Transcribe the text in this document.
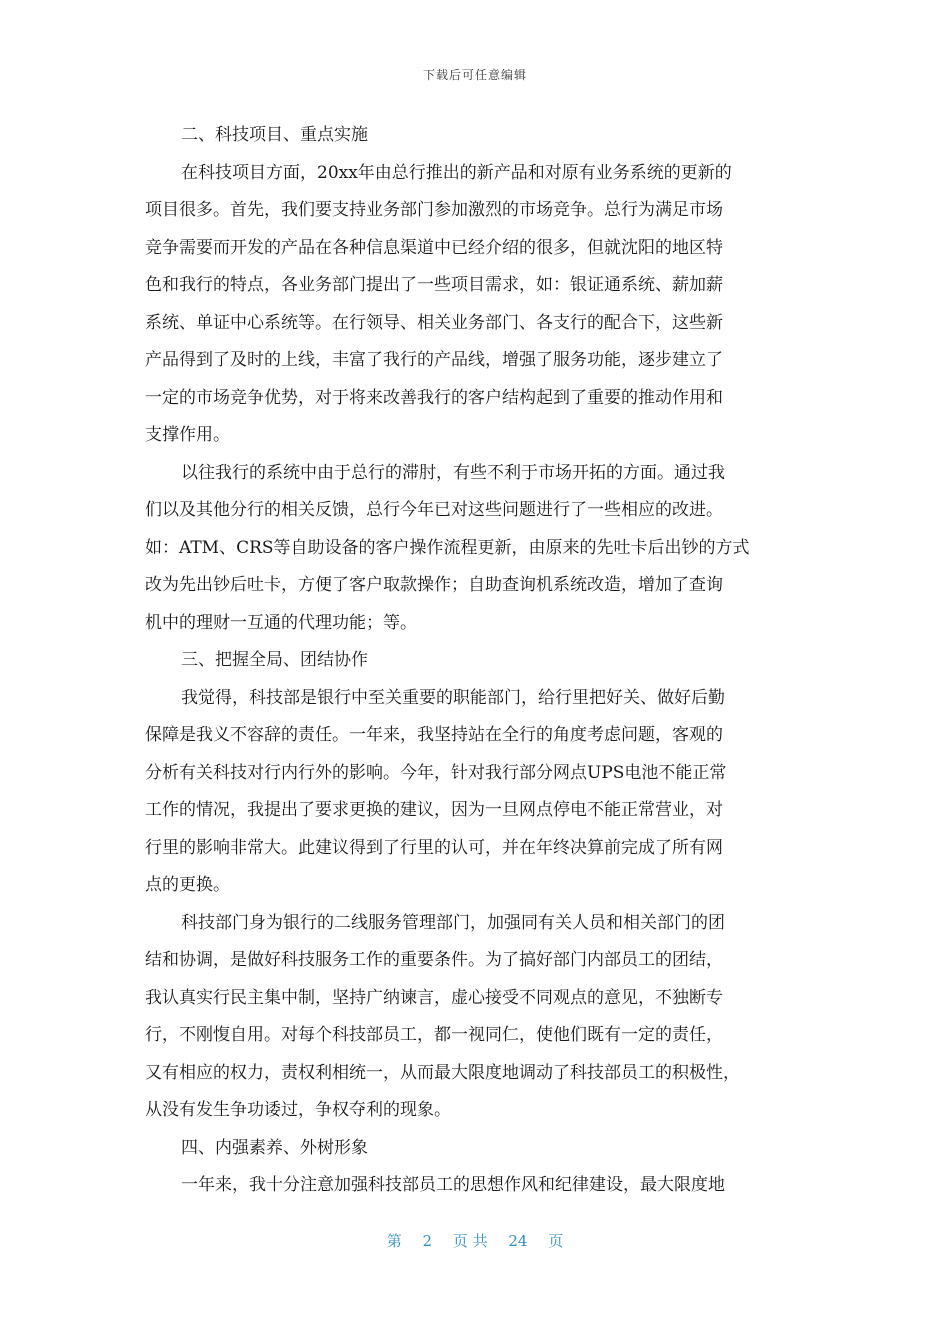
下载后可任意编辑
二、科技项目、重点实施
在科技项目方面，20xx年由总行推出的新产品和对原有业务系统的更新的
项目很多。首先，我们要支持业务部门参加激烈的市场竞争。总行为满足市场
竞争需要而开发的产品在各种信息渠道中已经介绍的很多，但就沈阳的地区特
色和我行的特点，各业务部门提出了一些项目需求，如：银证通系统、薪加薪
系统、单证中心系统等。在行领导、相关业务部门、各支行的配合下，这些新
产品得到了及时的上线，丰富了我行的产品线，增强了服务功能，逐步建立了
一定的市场竞争优势，对于将来改善我行的客户结构起到了重要的推动作用和
支撑作用。
以往我行的系统中由于总行的滞肘，有些不利于市场开拓的方面。通过我
们以及其他分行的相关反馈，总行今年已对这些问题进行了一些相应的改进。
如：ATM、CRS等自助设备的客户操作流程更新，由原来的先吐卡后出钞的方式
改为先出钞后吐卡，方便了客户取款操作；自助查询机系统改造，增加了查询
机中的理财一互通的代理功能；等。
三、把握全局、团结协作
我觉得，科技部是银行中至关重要的职能部门，给行里把好关、做好后勤
保障是我义不容辞的责任。一年来，我坚持站在全行的角度考虑问题，客观的
分析有关科技对行内行外的影响。今年，针对我行部分网点UPS电池不能正常
工作的情况，我提出了要求更换的建议，因为一旦网点停电不能正常营业，对
行里的影响非常大。此建议得到了行里的认可，并在年终决算前完成了所有网
点的更换。
科技部门身为银行的二线服务管理部门，加强同有关人员和相关部门的团
结和协调，是做好科技服务工作的重要条件。为了搞好部门内部员工的团结，
我认真实行民主集中制，坚持广纳谏言，虚心接受不同观点的意见，不独断专
行，不刚愎自用。对每个科技部员工，都一视同仁，使他们既有一定的责任，
又有相应的权力，责权利相统一，从而最大限度地调动了科技部员工的积极性，
从没有发生争功诿过，争权夺利的现象。
四、内强素养、外树形象
一年来，我十分注意加强科技部员工的思想作风和纪律建设，最大限度地
第 2 页 共 24 页
